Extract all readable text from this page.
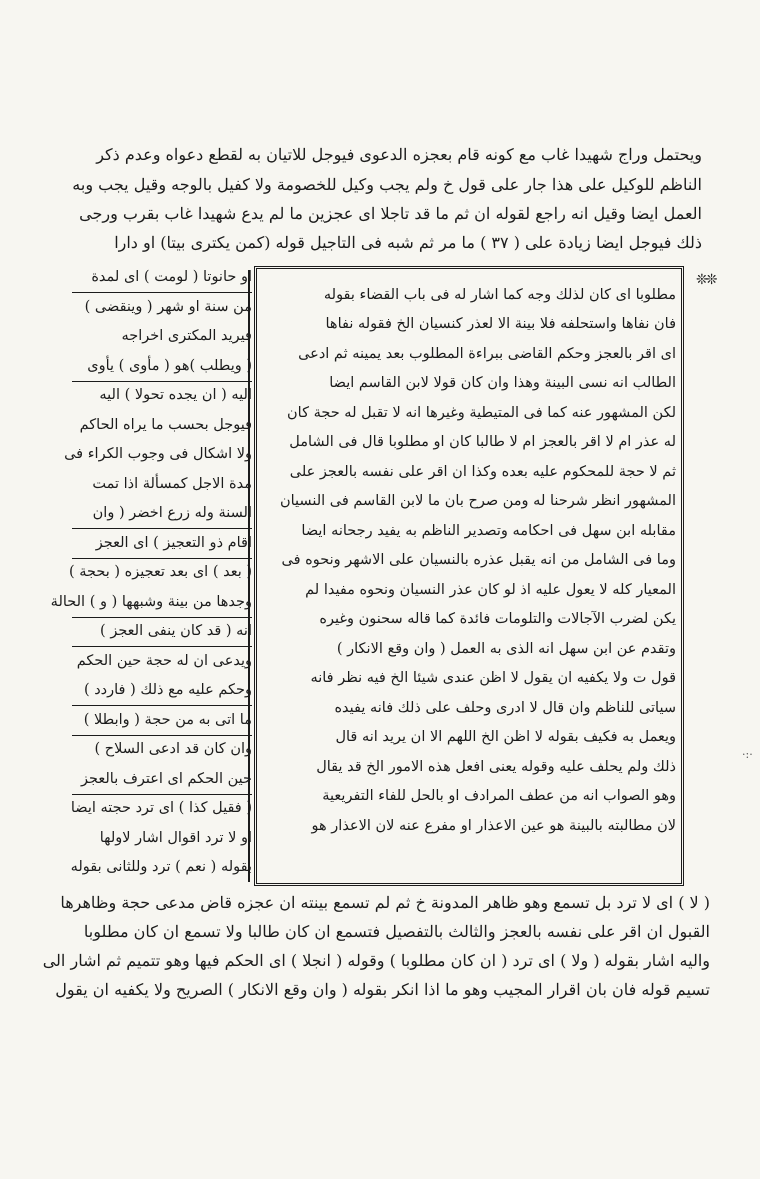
ويحتمل وراج شهيدا غاب مع كونه قام بعجزه الدعوى فيوجل للاتيان به لقطع دعواه وعدم ذكر
الناظم للوكيل على هذا جار على قول خ ولم يجب وكيل للخصومة ولا كفيل بالوجه وقيل يجب وبه
العمل ايضا وقيل انه راجع لقوله ان ثم ما قد تاجلا اى عجزين ما لم يدع شهيدا غاب بقرب ورجى
ذلك فيوجل ايضا زيادة على ( ٣٧ ) ما مر ثم شبه فى التاجيل قوله (كمن يكترى بيتا) او دارا
❊❊
·:·
او حانوتا ( لومت ) اى لمدة
من سنة او شهر ( وينقضى )
فيريد المكترى اخراجه
( ويطلب )هو ( مأوى ) يأوى
اليه ( ان يجده تحولا ) اليه
فيوجل بحسب ما يراه الحاكم
ولا اشكال فى وجوب الكراء فى
مدة الاجل كمسألة اذا تمت
السنة وله زرع اخضر ( وان
اقام ذو التعجيز ) اى العجز
( بعد ) اى بعد تعجيزه ( بحجة )
وجدها من بينة وشبهها ( و ) الحالة
انه ( قد كان ينفى العجز )
ويدعى ان له حجة حين الحكم
وحكم عليه مع ذلك ( فاردد )
ما اتى به من حجة ( وابطلا )
وان كان قد ادعى السلاح )
حين الحكم اى اعترف بالعجز
( فقيل كذا ) اى ترد حجته ايضا
او لا ترد اقوال اشار لاولها
بقوله ( نعم ) ترد وللثانى بقوله
مطلوبا اى كان لذلك وجه كما اشار له فى باب القضاء بقوله
فان نفاها واستحلفه فلا بينة الا لعذر كنسيان الخ فقوله نفاها
اى اقر بالعجز وحكم القاضى ببراءة المطلوب بعد يمينه ثم ادعى
الطالب انه نسى البينة وهذا وان كان قولا لابن القاسم ايضا
لكن المشهور عنه كما فى المتيطية وغيرها انه لا تقبل له حجة كان
له عذر ام لا اقر بالعجز ام لا طالبا كان او مطلوبا قال فى الشامل
ثم لا حجة للمحكوم عليه بعده وكذا ان اقر على نفسه بالعجز على
المشهور انظر شرحنا له ومن صرح بان ما لابن القاسم فى النسيان
مقابله ابن سهل فى احكامه وتصدير الناظم به يفيد رجحانه ايضا
وما فى الشامل من انه يقبل عذره بالنسيان على الاشهر ونحوه فى
المعيار كله لا يعول عليه اذ لو كان عذر النسيان ونحوه مفيدا لم
يكن لضرب الآجالات والتلومات فائدة كما قاله سحنون وغيره
وتقدم عن ابن سهل انه الذى به العمل ( وان وقع الانكار )
قول ت ولا يكفيه ان يقول لا اظن عندى شيئا الخ فيه نظر فانه
سياتى للناظم وان قال لا ادرى وحلف على ذلك فانه يفيده
ويعمل به فكيف بقوله لا اظن الخ اللهم الا ان يريد انه قال
ذلك ولم يحلف عليه وقوله يعنى افعل هذه الامور الخ قد يقال
وهو الصواب انه من عطف المرادف او بالحل للفاء التفريعية
لان مطالبته بالبينة هو عين الاعذار او مفرع عنه لان الاعذار هو
( لا ) اى لا ترد بل تسمع وهو ظاهر المدونة خ ثم لم تسمع بينته ان عجزه قاض مدعى حجة وظاهرها
القبول ان اقر على نفسه بالعجز والثالث بالتفصيل فتسمع ان كان طالبا ولا تسمع ان كان مطلوبا
واليه اشار بقوله ( ولا ) اى ترد ( ان كان مطلوبا ) وقوله ( انجلا ) اى الحكم فيها وهو تتميم ثم اشار الى
تسيم قوله فان بان اقرار المجيب وهو ما اذا انكر بقوله ( وان وقع الانكار ) الصريح ولا يكفيه ان يقول
